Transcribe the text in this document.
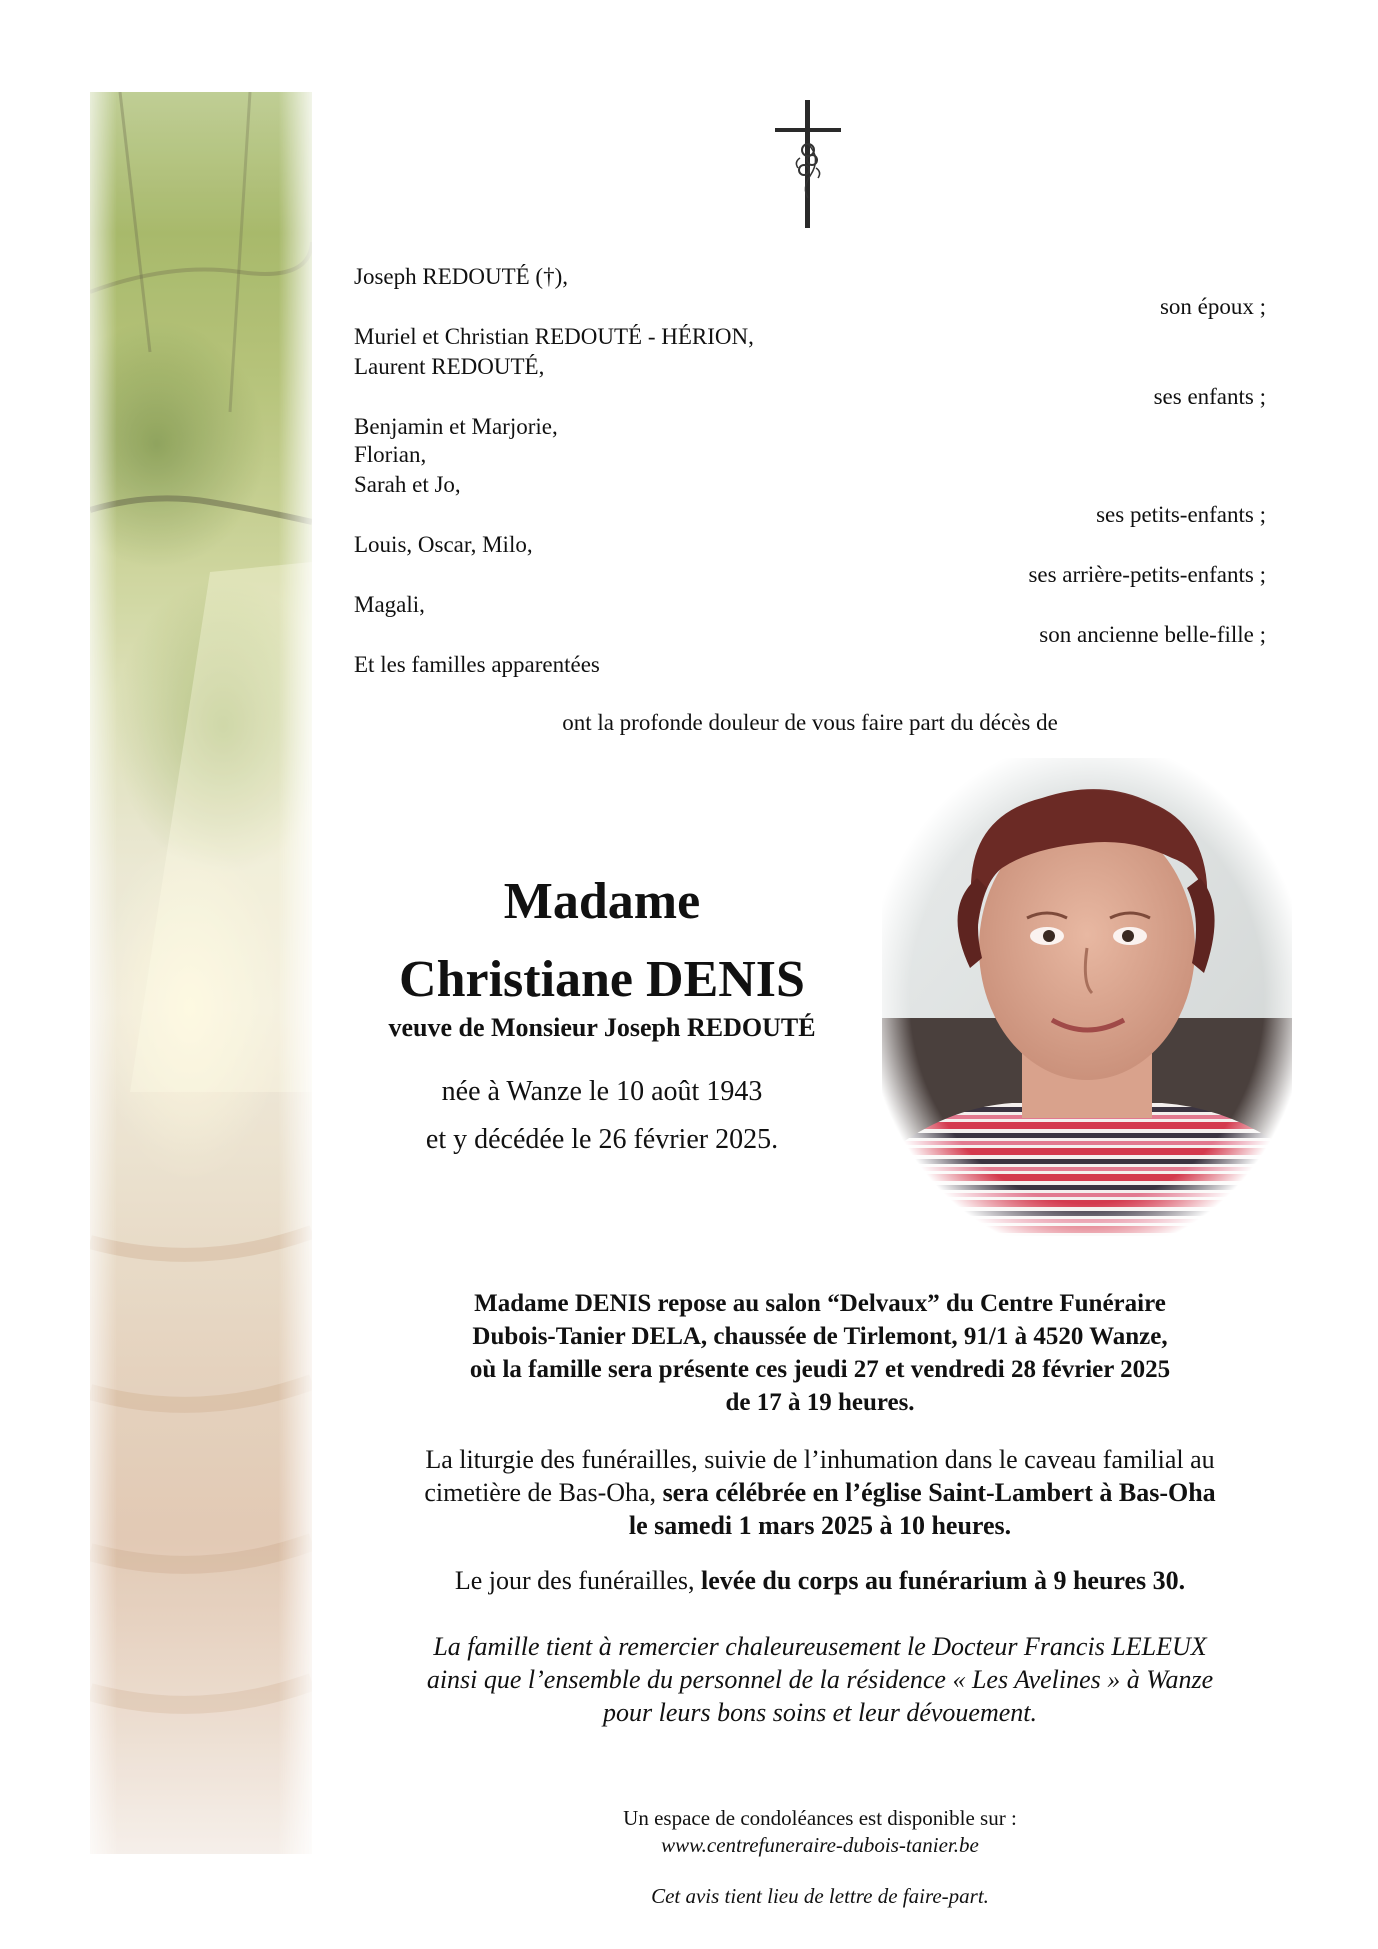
Joseph REDOUTÉ (†),
son époux ;
Muriel et Christian REDOUTÉ - HÉRION,
Laurent REDOUTÉ,
ses enfants ;
Benjamin et Marjorie,
Florian,
Sarah et Jo,
ses petits-enfants ;
Louis, Oscar, Milo,
ses arrière-petits-enfants ;
Magali,
son ancienne belle-fille ;
Et les familles apparentées
ont la profonde douleur de vous faire part du décès de
Madame
Christiane DENIS
veuve de Monsieur Joseph REDOUTÉ
née à Wanze le 10 août 1943
et y décédée le 26 février 2025.
Madame DENIS repose au salon “Delvaux” du Centre Funéraire
Dubois-Tanier DELA, chaussée de Tirlemont, 91/1 à 4520 Wanze,
où la famille sera présente ces jeudi 27 et vendredi 28 février 2025
de 17 à 19 heures.
La liturgie des funérailles, suivie de l’inhumation dans le caveau familial au
cimetière de Bas-Oha, sera célébrée en l’église Saint-Lambert à Bas-Oha
le samedi 1 mars 2025 à 10 heures.
Le jour des funérailles, levée du corps au funérarium à 9 heures 30.
La famille tient à remercier chaleureusement le Docteur Francis LELEUX
ainsi que l’ensemble du personnel de la résidence « Les Avelines » à Wanze
pour leurs bons soins et leur dévouement.
Un espace de condoléances est disponible sur :
www.centrefuneraire-dubois-tanier.be
Cet avis tient lieu de lettre de faire-part.
